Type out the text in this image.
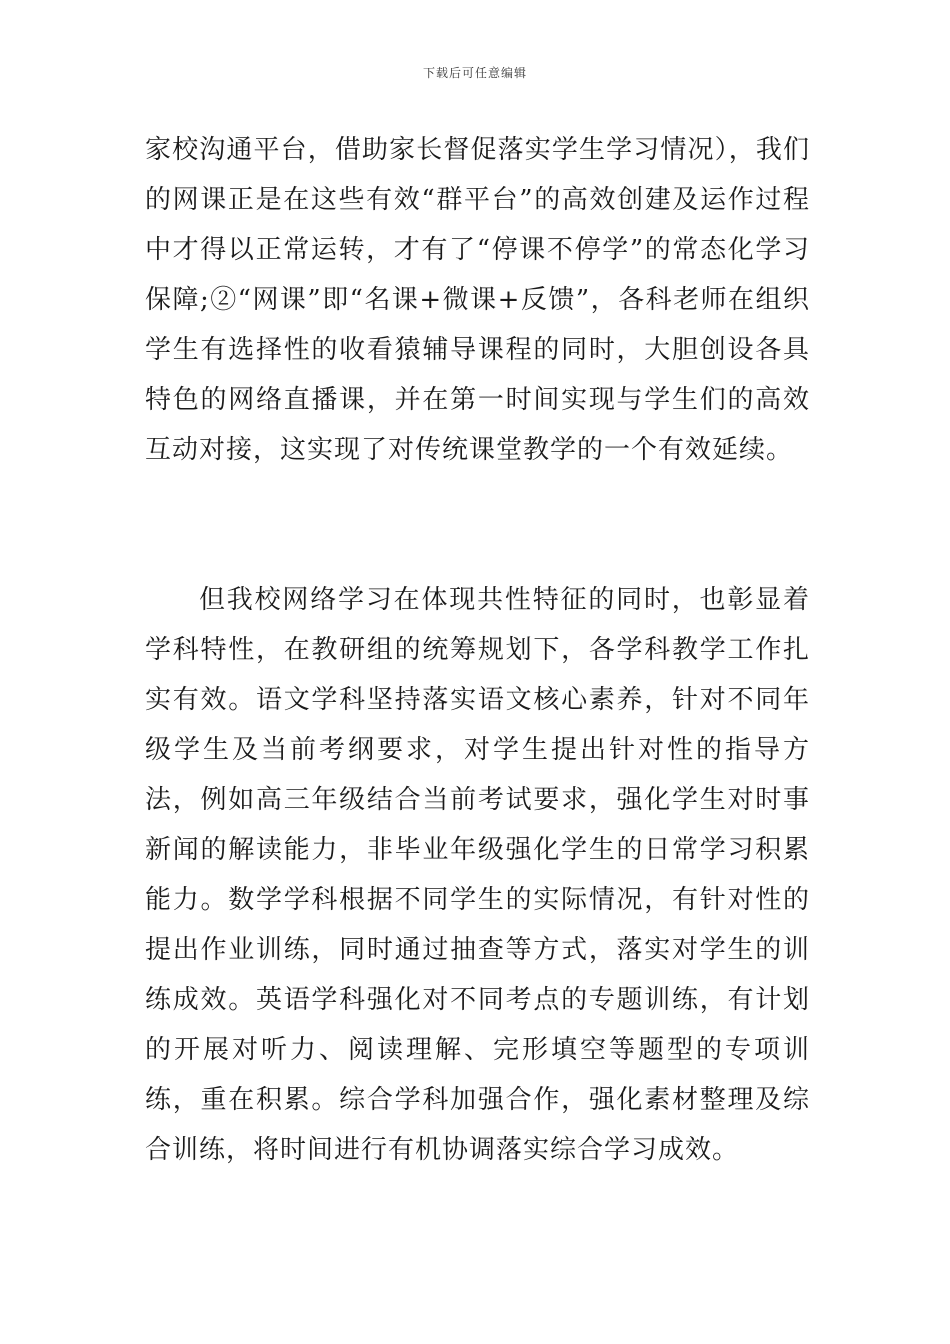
下载后可任意编辑

家校沟通平台，借助家长督促落实学生学习情况），我们的网课正是在这些有效“群平台”的高效创建及运作过程中才得以正常运转，才有了“停课不停学”的常态化学习保障;②“网课”即“名课+微课+反馈”，各科老师在组织学生有选择性的收看猿辅导课程的同时，大胆创设各具特色的网络直播课，并在第一时间实现与学生们的高效互动对接，这实现了对传统课堂教学的一个有效延续。

但我校网络学习在体现共性特征的同时，也彰显着学科特性，在教研组的统筹规划下，各学科教学工作扎实有效。语文学科坚持落实语文核心素养，针对不同年级学生及当前考纲要求，对学生提出针对性的指导方法，例如高三年级结合当前考试要求，强化学生对时事新闻的解读能力，非毕业年级强化学生的日常学习积累能力。数学学科根据不同学生的实际情况，有针对性的提出作业训练，同时通过抽查等方式，落实对学生的训练成效。英语学科强化对不同考点的专题训练，有计划的开展对听力、阅读理解、完形填空等题型的专项训练，重在积累。综合学科加强合作，强化素材整理及综合训练，将时间进行有机协调落实综合学习成效。
